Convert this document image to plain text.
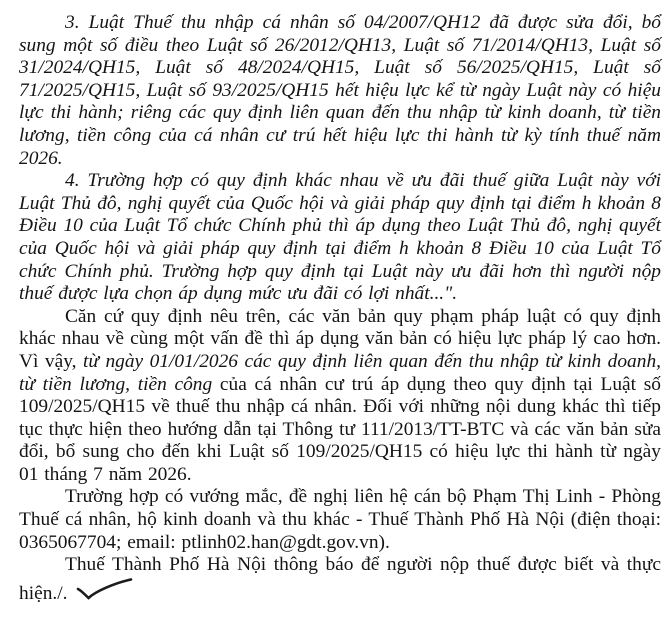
3. Luật Thuế thu nhập cá nhân số 04/2007/QH12 đã được sửa đổi, bổ sung một số điều theo Luật số 26/2012/QH13, Luật số 71/2014/QH13, Luật số 31/2024/QH15, Luật số 48/2024/QH15, Luật số 56/2025/QH15, Luật số 71/2025/QH15, Luật số 93/2025/QH15 hết hiệu lực kể từ ngày Luật này có hiệu lực thi hành; riêng các quy định liên quan đến thu nhập từ kinh doanh, từ tiền lương, tiền công của cá nhân cư trú hết hiệu lực thi hành từ kỳ tính thuế năm 2026.

4. Trường hợp có quy định khác nhau về ưu đãi thuế giữa Luật này với Luật Thủ đô, nghị quyết của Quốc hội và giải pháp quy định tại điểm h khoản 8 Điều 10 của Luật Tổ chức Chính phủ thì áp dụng theo Luật Thủ đô, nghị quyết của Quốc hội và giải pháp quy định tại điểm h khoản 8 Điều 10 của Luật Tổ chức Chính phủ. Trường hợp quy định tại Luật này ưu đãi hơn thì người nộp thuế được lựa chọn áp dụng mức ưu đãi có lợi nhất...".

Căn cứ quy định nêu trên, các văn bản quy phạm pháp luật có quy định khác nhau về cùng một vấn đề thì áp dụng văn bản có hiệu lực pháp lý cao hơn. Vì vậy, từ ngày 01/01/2026 các quy định liên quan đến thu nhập từ kinh doanh, từ tiền lương, tiền công của cá nhân cư trú áp dụng theo quy định tại Luật số 109/2025/QH15 về thuế thu nhập cá nhân. Đối với những nội dung khác thì tiếp tục thực hiện theo hướng dẫn tại Thông tư 111/2013/TT-BTC và các văn bản sửa đổi, bổ sung cho đến khi Luật số 109/2025/QH15 có hiệu lực thi hành từ ngày 01 tháng 7 năm 2026.

Trường hợp có vướng mắc, đề nghị liên hệ cán bộ Phạm Thị Linh - Phòng Thuế cá nhân, hộ kinh doanh và thu khác - Thuế Thành Phố Hà Nội (điện thoại: 0365067704; email: ptlinh02.han@gdt.gov.vn).

Thuế Thành Phố Hà Nội thông báo để người nộp thuế được biết và thực hiện./.
